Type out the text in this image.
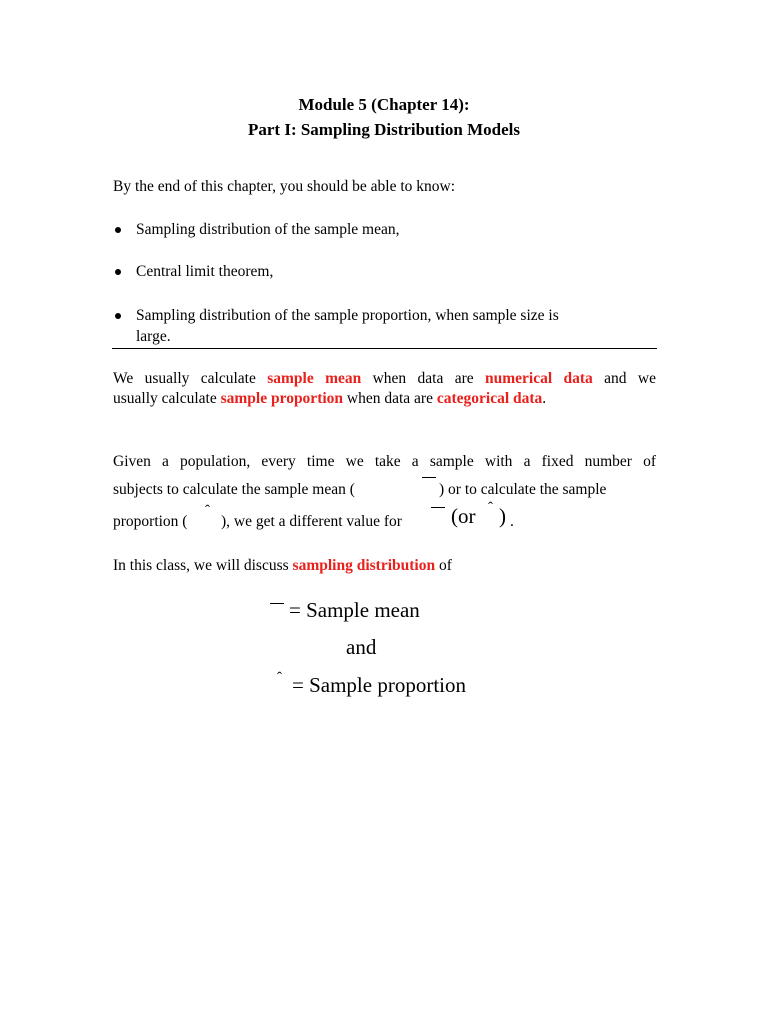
Module 5 (Chapter 14):
Part I: Sampling Distribution Models
By the end of this chapter, you should be able to know:
Sampling distribution of the sample mean,
Central limit theorem,
Sampling distribution of the sample proportion, when sample size is
large.
We usually calculate sample mean when data are numerical data and we
usually calculate sample proportion when data are categorical data.
Given a population, every time we take a sample with a fixed number of
subjects to calculate the sample mean (	) or to calculate the sample
proportion (
ˆ
), we get a different value for (or ˆ ) .
In this class, we will discuss sampling distribution of
= Sample mean
and
ˆ = Sample proportion
